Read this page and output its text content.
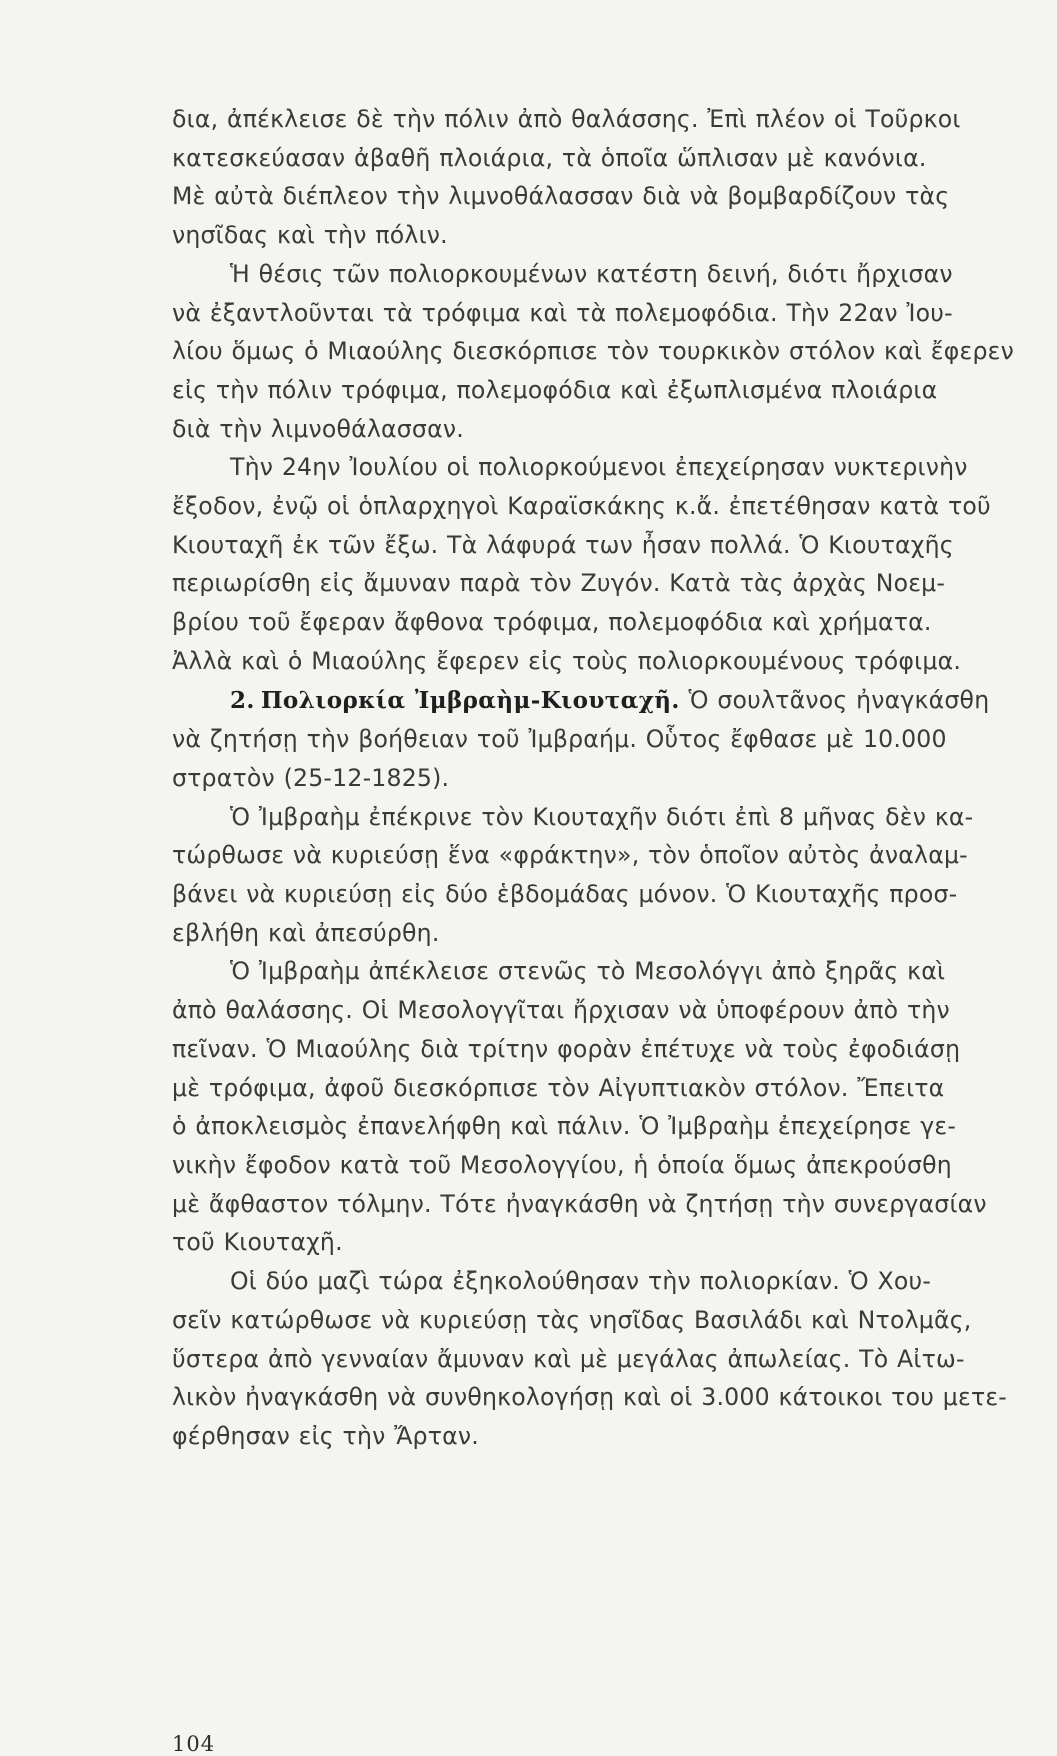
δια, ἀπέκλεισε δὲ τὴν πόλιν ἀπὸ θαλάσσης. Ἐπὶ πλέον οἱ Τοῦρκοι
κατεσκεύασαν ἀβαθῆ πλοιάρια, τὰ ὁποῖα ὥπλισαν μὲ κανόνια.
Μὲ αὐτὰ διέπλεον τὴν λιμνοθάλασσαν διὰ νὰ βομβαρδίζουν τὰς
νησῖδας καὶ τὴν πόλιν.

Ἡ θέσις τῶν πολιορκουμένων κατέστη δεινή, διότι ἤρχισαν
νὰ ἐξαντλοῦνται τὰ τρόφιμα καὶ τὰ πολεμοφόδια. Τὴν 22αν Ἰου-
λίου ὅμως ὁ Μιαούλης διεσκόρπισε τὸν τουρκικὸν στόλον καὶ ἔφερεν
εἰς τὴν πόλιν τρόφιμα, πολεμοφόδια καὶ ἐξωπλισμένα πλοιάρια
διὰ τὴν λιμνοθάλασσαν.

Τὴν 24ην Ἰουλίου οἱ πολιορκούμενοι ἐπεχείρησαν νυκτερινὴν
ἔξοδον, ἐνῷ οἱ ὁπλαρχηγοὶ Καραϊσκάκης κ.ἄ. ἐπετέθησαν κατὰ τοῦ
Κιουταχῆ ἐκ τῶν ἔξω. Τὰ λάφυρά των ἦσαν πολλά. Ὁ Κιουταχῆς
περιωρίσθη εἰς ἄμυναν παρὰ τὸν Ζυγόν. Κατὰ τὰς ἀρχὰς Νοεμ-
βρίου τοῦ ἔφεραν ἄφθονα τρόφιμα, πολεμοφόδια καὶ χρήματα.
Ἀλλὰ καὶ ὁ Μιαούλης ἔφερεν εἰς τοὺς πολιορκουμένους τρόφιμα.

2. Πολιορκία Ἰμβραὴμ-Κιουταχῆ. Ὁ σουλτᾶνος ἠναγκάσθη
νὰ ζητήσῃ τὴν βοήθειαν τοῦ Ἰμβραήμ. Οὗτος ἔφθασε μὲ 10.000
στρατὸν (25-12-1825).

Ὁ Ἰμβραὴμ ἐπέκρινε τὸν Κιουταχῆν διότι ἐπὶ 8 μῆνας δὲν κα-
τώρθωσε νὰ κυριεύσῃ ἕνα «φράκτην», τὸν ὁποῖον αὐτὸς ἀναλαμ-
βάνει νὰ κυριεύσῃ εἰς δύο ἑβδομάδας μόνον. Ὁ Κιουταχῆς προσ-
εβλήθη καὶ ἀπεσύρθη.

Ὁ Ἰμβραὴμ ἀπέκλεισε στενῶς τὸ Μεσολόγγι ἀπὸ ξηρᾶς καὶ
ἀπὸ θαλάσσης. Οἱ Μεσολογγῖται ἤρχισαν νὰ ὑποφέρουν ἀπὸ τὴν
πεῖναν. Ὁ Μιαούλης διὰ τρίτην φορὰν ἐπέτυχε νὰ τοὺς ἐφοδιάσῃ
μὲ τρόφιμα, ἀφοῦ διεσκόρπισε τὸν Αἰγυπτιακὸν στόλον. Ἔπειτα
ὁ ἀποκλεισμὸς ἐπανελήφθη καὶ πάλιν. Ὁ Ἰμβραὴμ ἐπεχείρησε γε-
νικὴν ἔφοδον κατὰ τοῦ Μεσολογγίου, ἡ ὁποία ὅμως ἀπεκρούσθη
μὲ ἄφθαστον τόλμην. Τότε ἠναγκάσθη νὰ ζητήσῃ τὴν συνεργασίαν
τοῦ Κιουταχῆ.

Οἱ δύο μαζὶ τώρα ἐξηκολούθησαν τὴν πολιορκίαν. Ὁ Χου-
σεῖν κατώρθωσε νὰ κυριεύσῃ τὰς νησῖδας Βασιλάδι καὶ Ντολμᾶς,
ὕστερα ἀπὸ γενναίαν ἄμυναν καὶ μὲ μεγάλας ἀπωλείας. Τὸ Αἰτω-
λικὸν ἠναγκάσθη νὰ συνθηκολογήσῃ καὶ οἱ 3.000 κάτοικοι του μετε-
φέρθησαν εἰς τὴν Ἄρταν.

104
